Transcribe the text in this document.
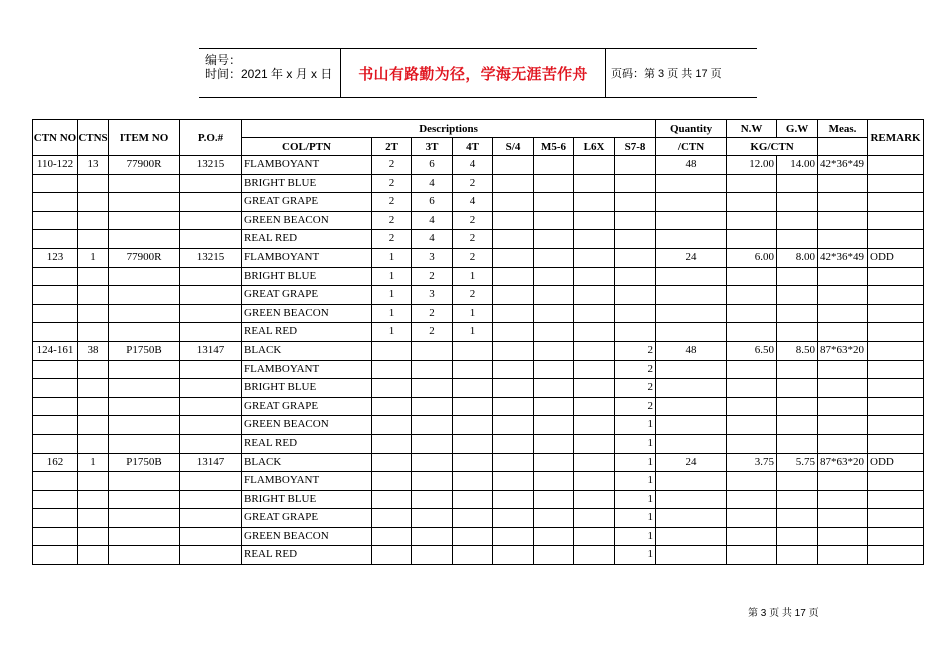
编号：
时间：2021 年 x 月 x 日 书山有路勤为径，学海无涯苦作舟	页码：第 3 页 共 17 页
CTN NO	CTNS	ITEM NO	P.O.#	Descriptions								Quantity	N.W	G.W	Meas.	REMARK
				COL/PTN	2T	3T	4T	S/4	M5-6	L6X	S7-8	/CTN	KG/CTN			
110-122	13	77900R	13215	FLAMBOYANT	2	6	4					48	12.00	14.00	42*36*49	
				BRIGHT BLUE	2	4	2									
				GREAT GRAPE	2	6	4									
				GREEN BEACON	2	4	2									
				REAL RED	2	4	2									
123	1	77900R	13215	FLAMBOYANT	1	3	2					24	6.00	8.00	42*36*49	ODD
				BRIGHT BLUE	1	2	1									
				GREAT GRAPE	1	3	2									
				GREEN BEACON	1	2	1									
				REAL RED	1	2	1									
124-161	38	P1750B	13147	BLACK							2	48	6.50	8.50	87*63*20	
				FLAMBOYANT							2					
				BRIGHT BLUE							2					
				GREAT GRAPE							2					
				GREEN BEACON							1					
				REAL RED							1					
162	1	P1750B	13147	BLACK							1	24	3.75	5.75	87*63*20	ODD
				FLAMBOYANT							1					
				BRIGHT BLUE							1					
				GREAT GRAPE							1					
				GREEN BEACON							1					
				REAL RED							1					
第 3 页 共 17 页
